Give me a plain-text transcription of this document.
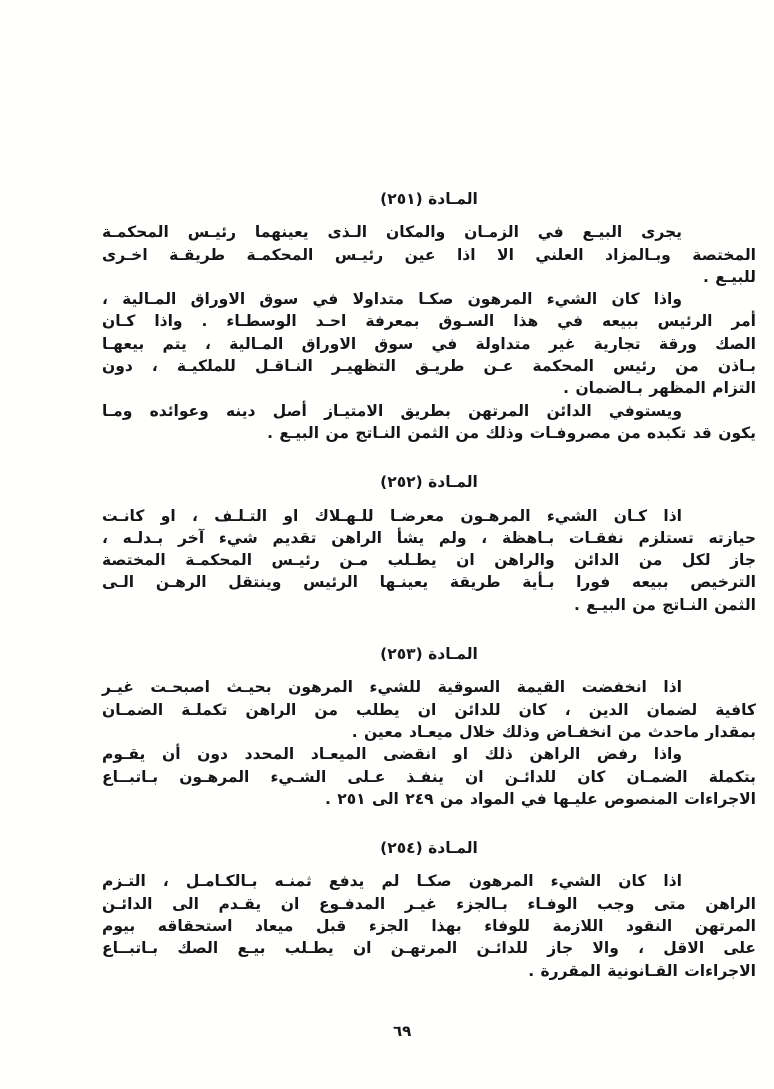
المـادة (٢٥١)
يجرى البيـع في الزمـان والمكان الـذى يعينهما رئيـس المحكمـة
المختصة وبـالمزاد العلني الا اذا عين رئيـس المحكمـة طريقـة اخـرى
للبيـع .
واذا كان الشيء المرهون صكـا متداولا في سوق الاوراق المـالية ،
أمر الرئيس ببيعه في هذا السـوق بمعرفة احـد الوسطـاء . واذا كـان
الصك ورقة تجارية غير متداولة في سوق الاوراق المـالية ، يتم بيعهـا
بـاذن من رئيس المحكمة عـن طريـق التظهيـر النـاقـل للملكيـة ، دون
التزام المظهر بـالضمان .
ويستوفي الدائن المرتهن بطريق الامتيـاز أصل دينه وعوائده ومـا
يكون قد تكبده من مصروفـات وذلك من الثمن النـاتج من البيـع .
المـادة (٢٥٢)
اذا كـان الشيء المرهـون معرضـا للـهـلاك او التـلـف ، او كانـت
حيازته تستلزم نفقـات بـاهظة ، ولم يشأ الراهن تقديم شيء آخر بـدلـه ،
جاز لكل من الدائن والراهن ان يطـلب مـن رئيـس المحكمـة المختصة
الترخيص ببيعه فورا بـأية طريقة يعينـها الرئيس وينتقل الرهـن الـى
الثمن النـاتج من البيـع .
المـادة (٢٥٣)
اذا انخفضت القيمة السوقية للشيء المرهون بحيـث اصبحـت غيـر
كافية لضمان الدين ، كان للدائن ان يطلب من الراهن تكملـة الضمـان
بمقدار ماحدث من انخفـاض وذلك خلال ميعـاد معين .
واذا رفض الراهن ذلك او انقضى الميعـاد المحدد دون أن يقـوم
بتكملة الضمـان كان للدائـن ان ينفـذ عـلى الشـيء المرهـون بـاتبــاع
الاجراءات المنصوص عليـها في المواد من ٢٤٩ الى ٢٥١ .
المـادة (٢٥٤)
اذا كان الشيء المرهون صكـا لم يدفع ثمنـه بـالكـامـل ، التـزم
الراهن متى وجب الوفـاء بـالجزء غيـر المدفـوع ان يقـدم الى الدائـن
المرتهن النقود اللازمة للوفاء بهذا الجزء قبل ميعاد استحقاقه بيوم
على الاقل ، والا جاز للدائـن المرتهـن ان يطـلب بيـع الصك بـاتبــاع
الاجراءات القـانونية المقررة .
٦٩
